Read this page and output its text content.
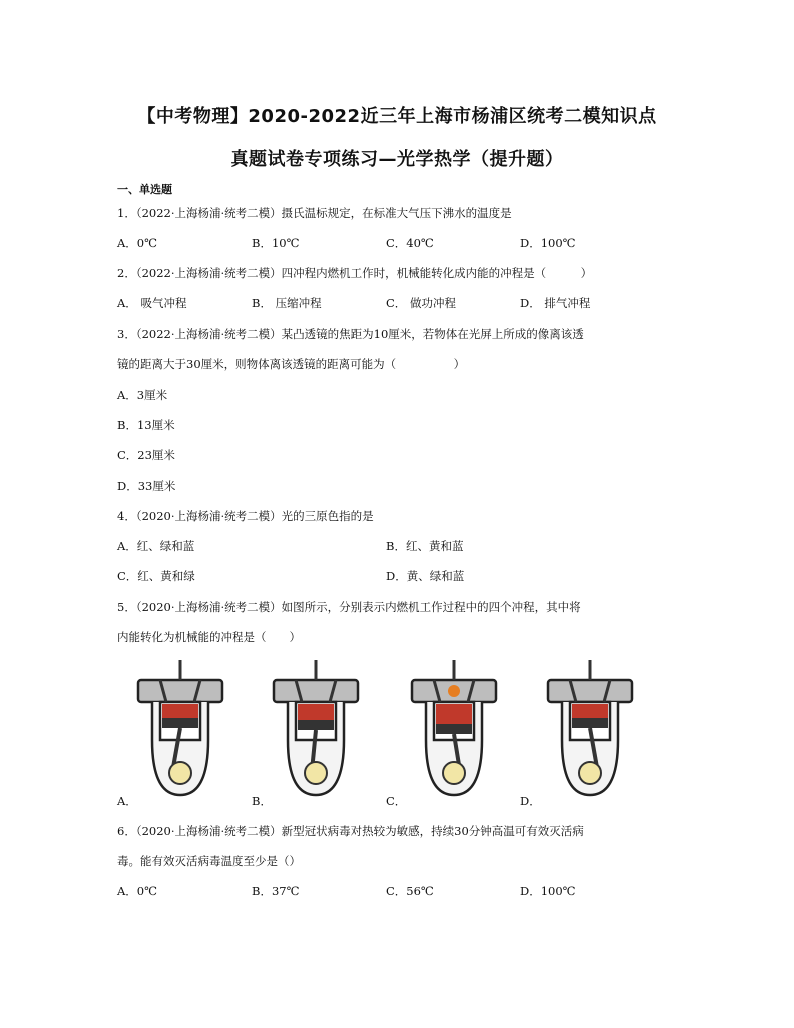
【中考物理】2020-2022近三年上海市杨浦区统考二模知识点
真题试卷专项练习—光学热学（提升题）
一、单选题
1．（2022·上海杨浦·统考二模）摄氏温标规定，在标准大气压下沸水的温度是
A．0℃	B．10℃	C．40℃	D．100℃
2．（2022·上海杨浦·统考二模）四冲程内燃机工作时，机械能转化成内能的冲程是（　　　）
A． 吸气冲程	B． 压缩冲程	C． 做功冲程	D． 排气冲程
3．（2022·上海杨浦·统考二模）某凸透镜的焦距为10厘米，若物体在光屏上所成的像离该透
镜的距离大于30厘米，则物体离该透镜的距离可能为（　　　　　）
A．3厘米
B．13厘米
C．23厘米
D．33厘米
4．（2020·上海杨浦·统考二模）光的三原色指的是
A．红、绿和蓝	B．红、黄和蓝
C．红、黄和绿	D．黄、绿和蓝
5．（2020·上海杨浦·统考二模）如图所示，分别表示内燃机工作过程中的四个冲程，其中将
内能转化为机械能的冲程是（　　）
A．	B．	C．	D．
6．（2020·上海杨浦·统考二模）新型冠状病毒对热较为敏感，持续30分钟高温可有效灭活病
毒。能有效灭活病毒温度至少是（）
A．0℃	B．37℃	C．56℃	D．100℃
